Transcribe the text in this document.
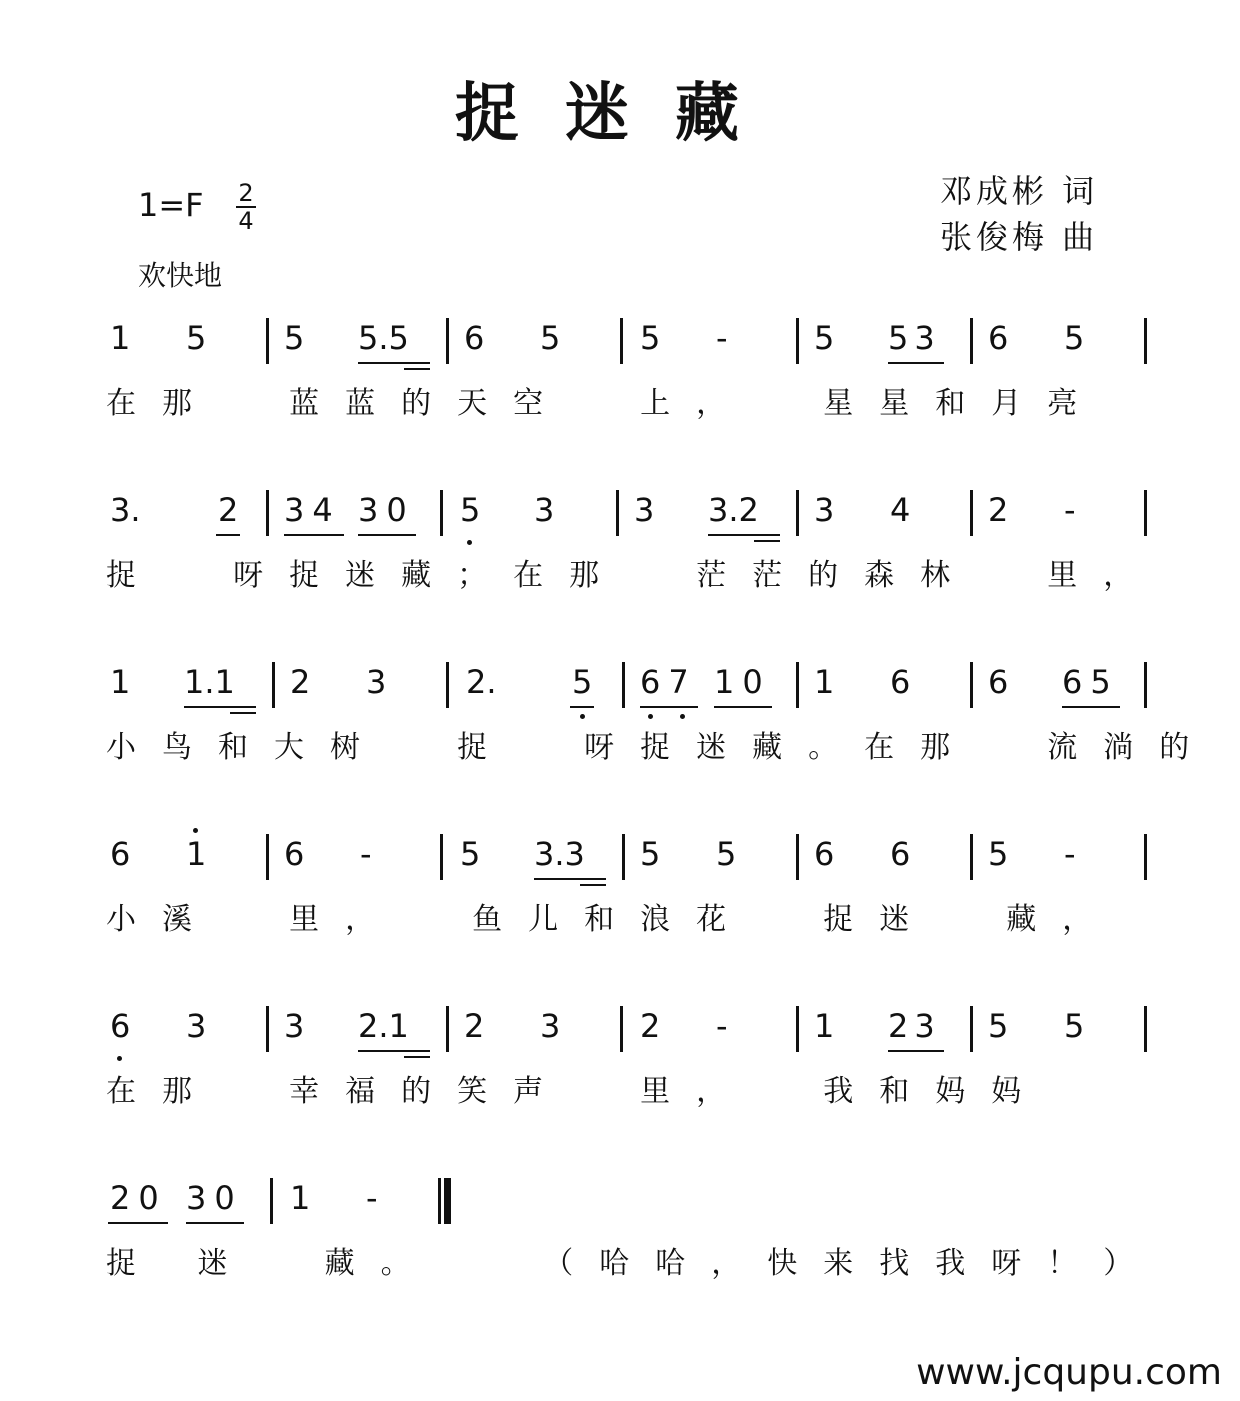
捉迷藏
1=F 2
4
欢快地
邓成彬 词
张俊梅 曲
1 5 5 5.5 6 5 5 -	5 53 6 5
在那  蓝蓝的天空  上，  星星和月亮
3. 2 34 30 5 3 3 3.2 3 4 2 -
捉  呀捉迷藏；在那  茫茫的森林  里，
1 1.1 2 3 2. 5 67 10 1 6 6 65
小鸟和大树  捉  呀捉迷藏。在那  流淌的
6 1 6 -	5 3.3 5 5 6 6 5 -
小溪  里，  鱼儿和浪花  捉迷  藏，
6 3 3 2.1 2 3 2 -	1 23 5 5
在那  幸福的笑声  里，  我和妈妈
20 30 1 -
捉 迷  藏。   （哈哈，快来找我呀！）
www.jcqupu.com
